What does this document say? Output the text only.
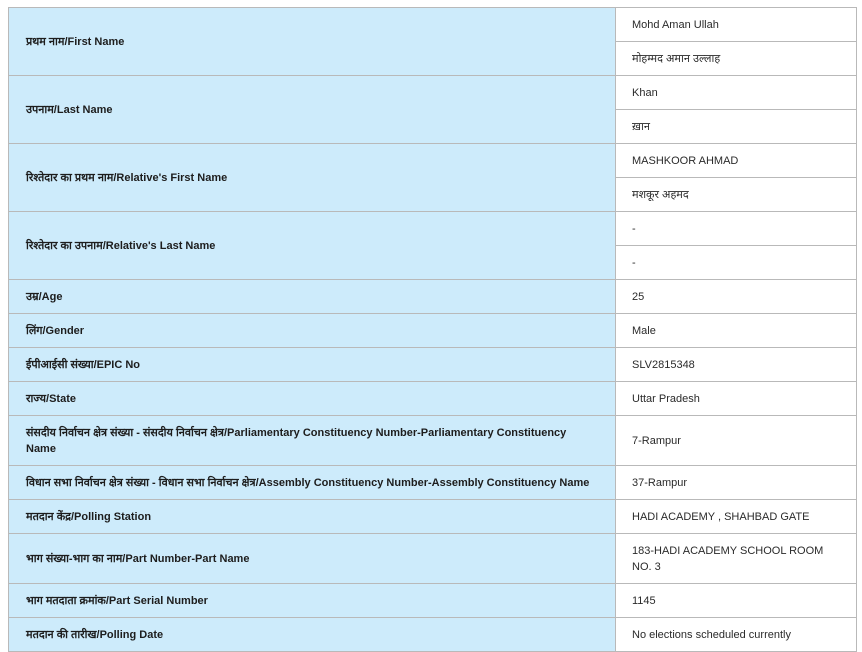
प्रथम नाम/First Name	Mohd Aman Ullah
	मोहम्मद अमान उल्लाह
उपनाम/Last Name	Khan
	ख़ान
रिश्तेदार का प्रथम नाम/Relative's First Name	MASHKOOR AHMAD
	मशकूर अहमद
रिश्तेदार का उपनाम/Relative's Last Name	-
	-
उम्र/Age	25
लिंग/Gender	Male
ईपीआईसी संख्या/EPIC No	SLV2815348
राज्य/State	Uttar Pradesh
संसदीय निर्वाचन क्षेत्र संख्या - संसदीय निर्वाचन क्षेत्र/Parliamentary Constituency Number-Parliamentary Constituency Name	7-Rampur
विधान सभा निर्वाचन क्षेत्र संख्या - विधान सभा निर्वाचन क्षेत्र/Assembly Constituency Number-Assembly Constituency Name	37-Rampur
मतदान केंद्र/Polling Station	HADI ACADEMY , SHAHBAD GATE
भाग संख्या-भाग का नाम/Part Number-Part Name	183-HADI ACADEMY SCHOOL ROOM NO. 3
भाग मतदाता क्रमांक/Part Serial Number	1145
मतदान की तारीख/Polling Date	No elections scheduled currently
